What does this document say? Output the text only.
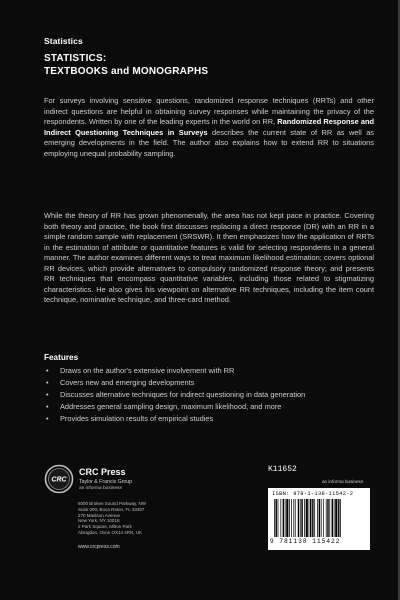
Statistics
STATISTICS:
TEXTBOOKS and MONOGRAPHS
For surveys involving sensitive questions, randomized response techniques (RRTs) and other indirect questions are helpful in obtaining survey responses while maintaining the privacy of the respondents. Written by one of the leading experts in the world on RR, Randomized Response and Indirect Questioning Techniques in Surveys describes the current state of RR as well as emerging developments in the field. The author also explains how to extend RR to situations employing unequal probability sampling.
While the theory of RR has grown phenomenally, the area has not kept pace in practice. Covering both theory and practice, the book first discusses replacing a direct response (DR) with an RR in a simple random sample with replacement (SRSWR). It then emphasizes how the application of RRTs in the estimation of attribute or quantitative features is valid for selecting respondents in a general manner. The author examines different ways to treat maximum likelihood estimation; covers optional RR devices, which provide alternatives to compulsory randomized response theory; and presents RR techniques that encompass quantitative variables, including those related to stigmatizing characteristics. He also gives his viewpoint on alternative RR techniques, including the item count technique, nominative technique, and three-card method.
Features
• Draws on the author's extensive involvement with RR
• Covers new and emerging developments
• Discusses alternative techniques for indirect questioning in data generation
• Addresses general sampling design, maximum likelihood, and more
• Provides simulation results of empirical studies
CRC
CRC Press
Taylor & Francis Group
an informa business
6000 Broken Sound Parkway, NW
Suite 300, Boca Raton, FL 33487
270 Madison Avenue
New York, NY 10016
2 Park Square, Milton Park
Abingdon, Oxon OX14 4RN, UK
www.crcpress.com
K11652
an informa business
ISBN: 978-1-138-11542-2
9 781138 115422
